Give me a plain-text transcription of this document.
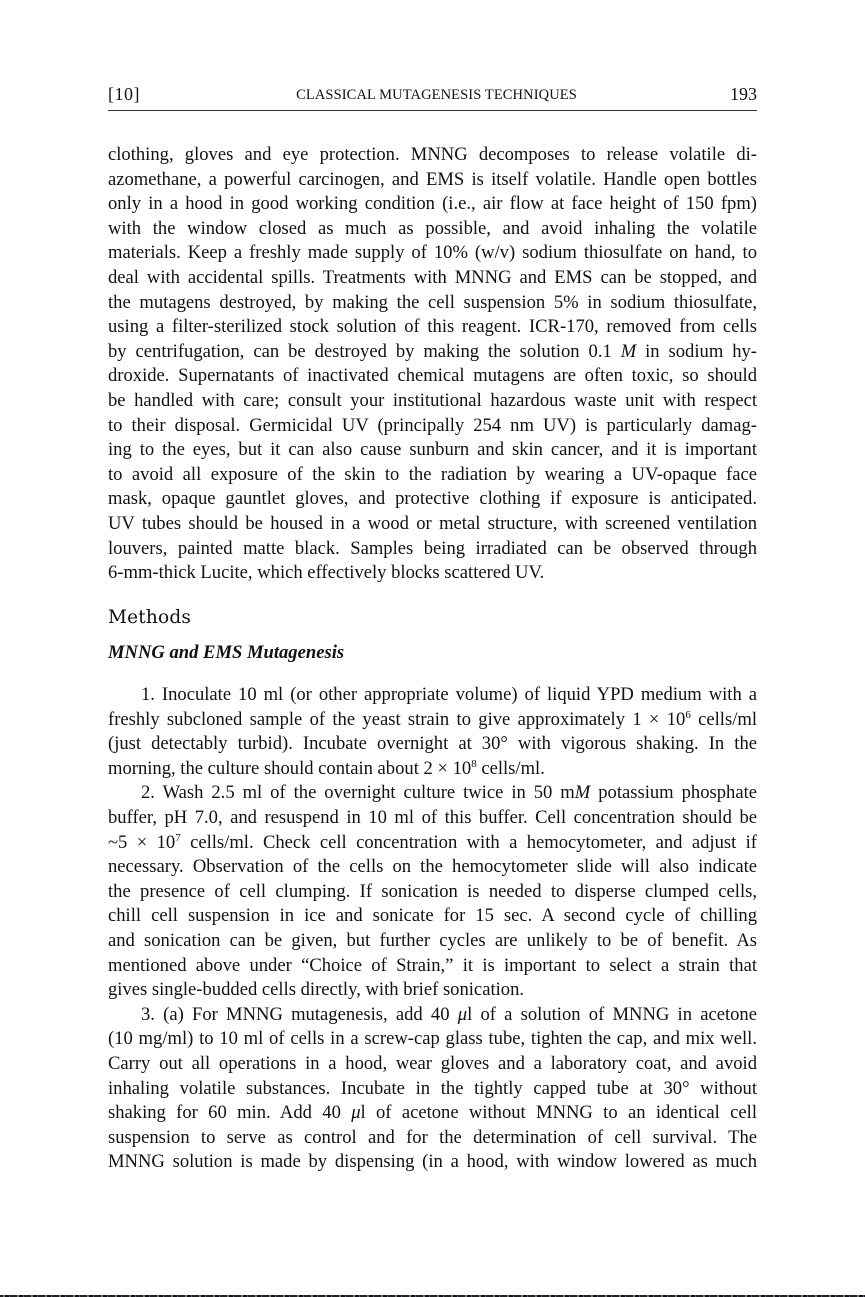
[10]	CLASSICAL MUTAGENESIS TECHNIQUES	193
clothing, gloves and eye protection. MNNG decomposes to release volatile di-
azomethane, a powerful carcinogen, and EMS is itself volatile. Handle open bottles
only in a hood in good working condition (i.e., air flow at face height of 150 fpm)
with the window closed as much as possible, and avoid inhaling the volatile
materials. Keep a freshly made supply of 10% (w/v) sodium thiosulfate on hand, to
deal with accidental spills. Treatments with MNNG and EMS can be stopped, and
the mutagens destroyed, by making the cell suspension 5% in sodium thiosulfate,
using a filter-sterilized stock solution of this reagent. ICR-170, removed from cells
by centrifugation, can be destroyed by making the solution 0.1 M in sodium hy-
droxide. Supernatants of inactivated chemical mutagens are often toxic, so should
be handled with care; consult your institutional hazardous waste unit with respect
to their disposal. Germicidal UV (principally 254 nm UV) is particularly damag-
ing to the eyes, but it can also cause sunburn and skin cancer, and it is important
to avoid all exposure of the skin to the radiation by wearing a UV-opaque face
mask, opaque gauntlet gloves, and protective clothing if exposure is anticipated.
UV tubes should be housed in a wood or metal structure, with screened ventilation
louvers, painted matte black. Samples being irradiated can be observed through
6-mm-thick Lucite, which effectively blocks scattered UV.
Methods
MNNG and EMS Mutagenesis
1. Inoculate 10 ml (or other appropriate volume) of liquid YPD medium with a
freshly subcloned sample of the yeast strain to give approximately $1 \times 10^6$ cells/ml
(just detectably turbid). Incubate overnight at 30° with vigorous shaking. In the
morning, the culture should contain about $2 \times 10^8$ cells/ml.
2. Wash 2.5 ml of the overnight culture twice in 50 mM potassium phosphate
buffer, pH 7.0, and resuspend in 10 ml of this buffer. Cell concentration should be
~5 × $10^7$ cells/ml. Check cell concentration with a hemocytometer, and adjust if
necessary. Observation of the cells on the hemocytometer slide will also indicate
the presence of cell clumping. If sonication is needed to disperse clumped cells,
chill cell suspension in ice and sonicate for 15 sec. A second cycle of chilling
and sonication can be given, but further cycles are unlikely to be of benefit. As
mentioned above under “Choice of Strain,” it is important to select a strain that
gives single-budded cells directly, with brief sonication.
3. (a) For MNNG mutagenesis, add 40 μl of a solution of MNNG in acetone
(10 mg/ml) to 10 ml of cells in a screw-cap glass tube, tighten the cap, and mix well.
Carry out all operations in a hood, wear gloves and a laboratory coat, and avoid
inhaling volatile substances. Incubate in the tightly capped tube at 30° without
shaking for 60 min. Add 40 μl of acetone without MNNG to an identical cell
suspension to serve as control and for the determination of cell survival. The
MNNG solution is made by dispensing (in a hood, with window lowered as much
